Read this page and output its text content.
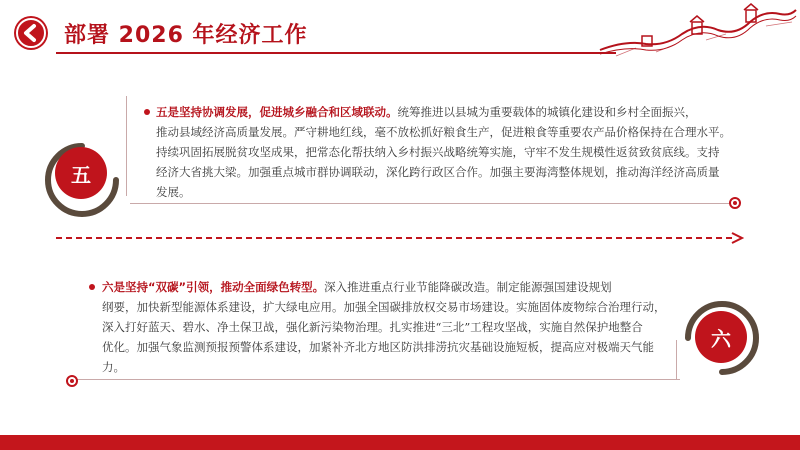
部署 2026 年经济工作
五
五是坚持协调发展，促进城乡融合和区域联动。统筹推进以县城为重要载体的城镇化建设和乡村全面振兴，
推动县域经济高质量发展。严守耕地红线，毫不放松抓好粮食生产，促进粮食等重要农产品价格保持在合理水平。
持续巩固拓展脱贫攻坚成果，把常态化帮扶纳入乡村振兴战略统筹实施，守牢不发生规模性返贫致贫底线。支持
经济大省挑大梁。加强重点城市群协调联动，深化跨行政区合作。加强主要海湾整体规划，推动海洋经济高质量
发展。
六是坚持“双碳”引领，推动全面绿色转型。深入推进重点行业节能降碳改造。制定能源强国建设规划
纲要，加快新型能源体系建设，扩大绿电应用。加强全国碳排放权交易市场建设。实施固体废物综合治理行动，
深入打好蓝天、碧水、净土保卫战，强化新污染物治理。扎实推进“三北”工程攻坚战，实施自然保护地整合
优化。加强气象监测预报预警体系建设，加紧补齐北方地区防洪排涝抗灾基础设施短板，提高应对极端天气能
力。
六
